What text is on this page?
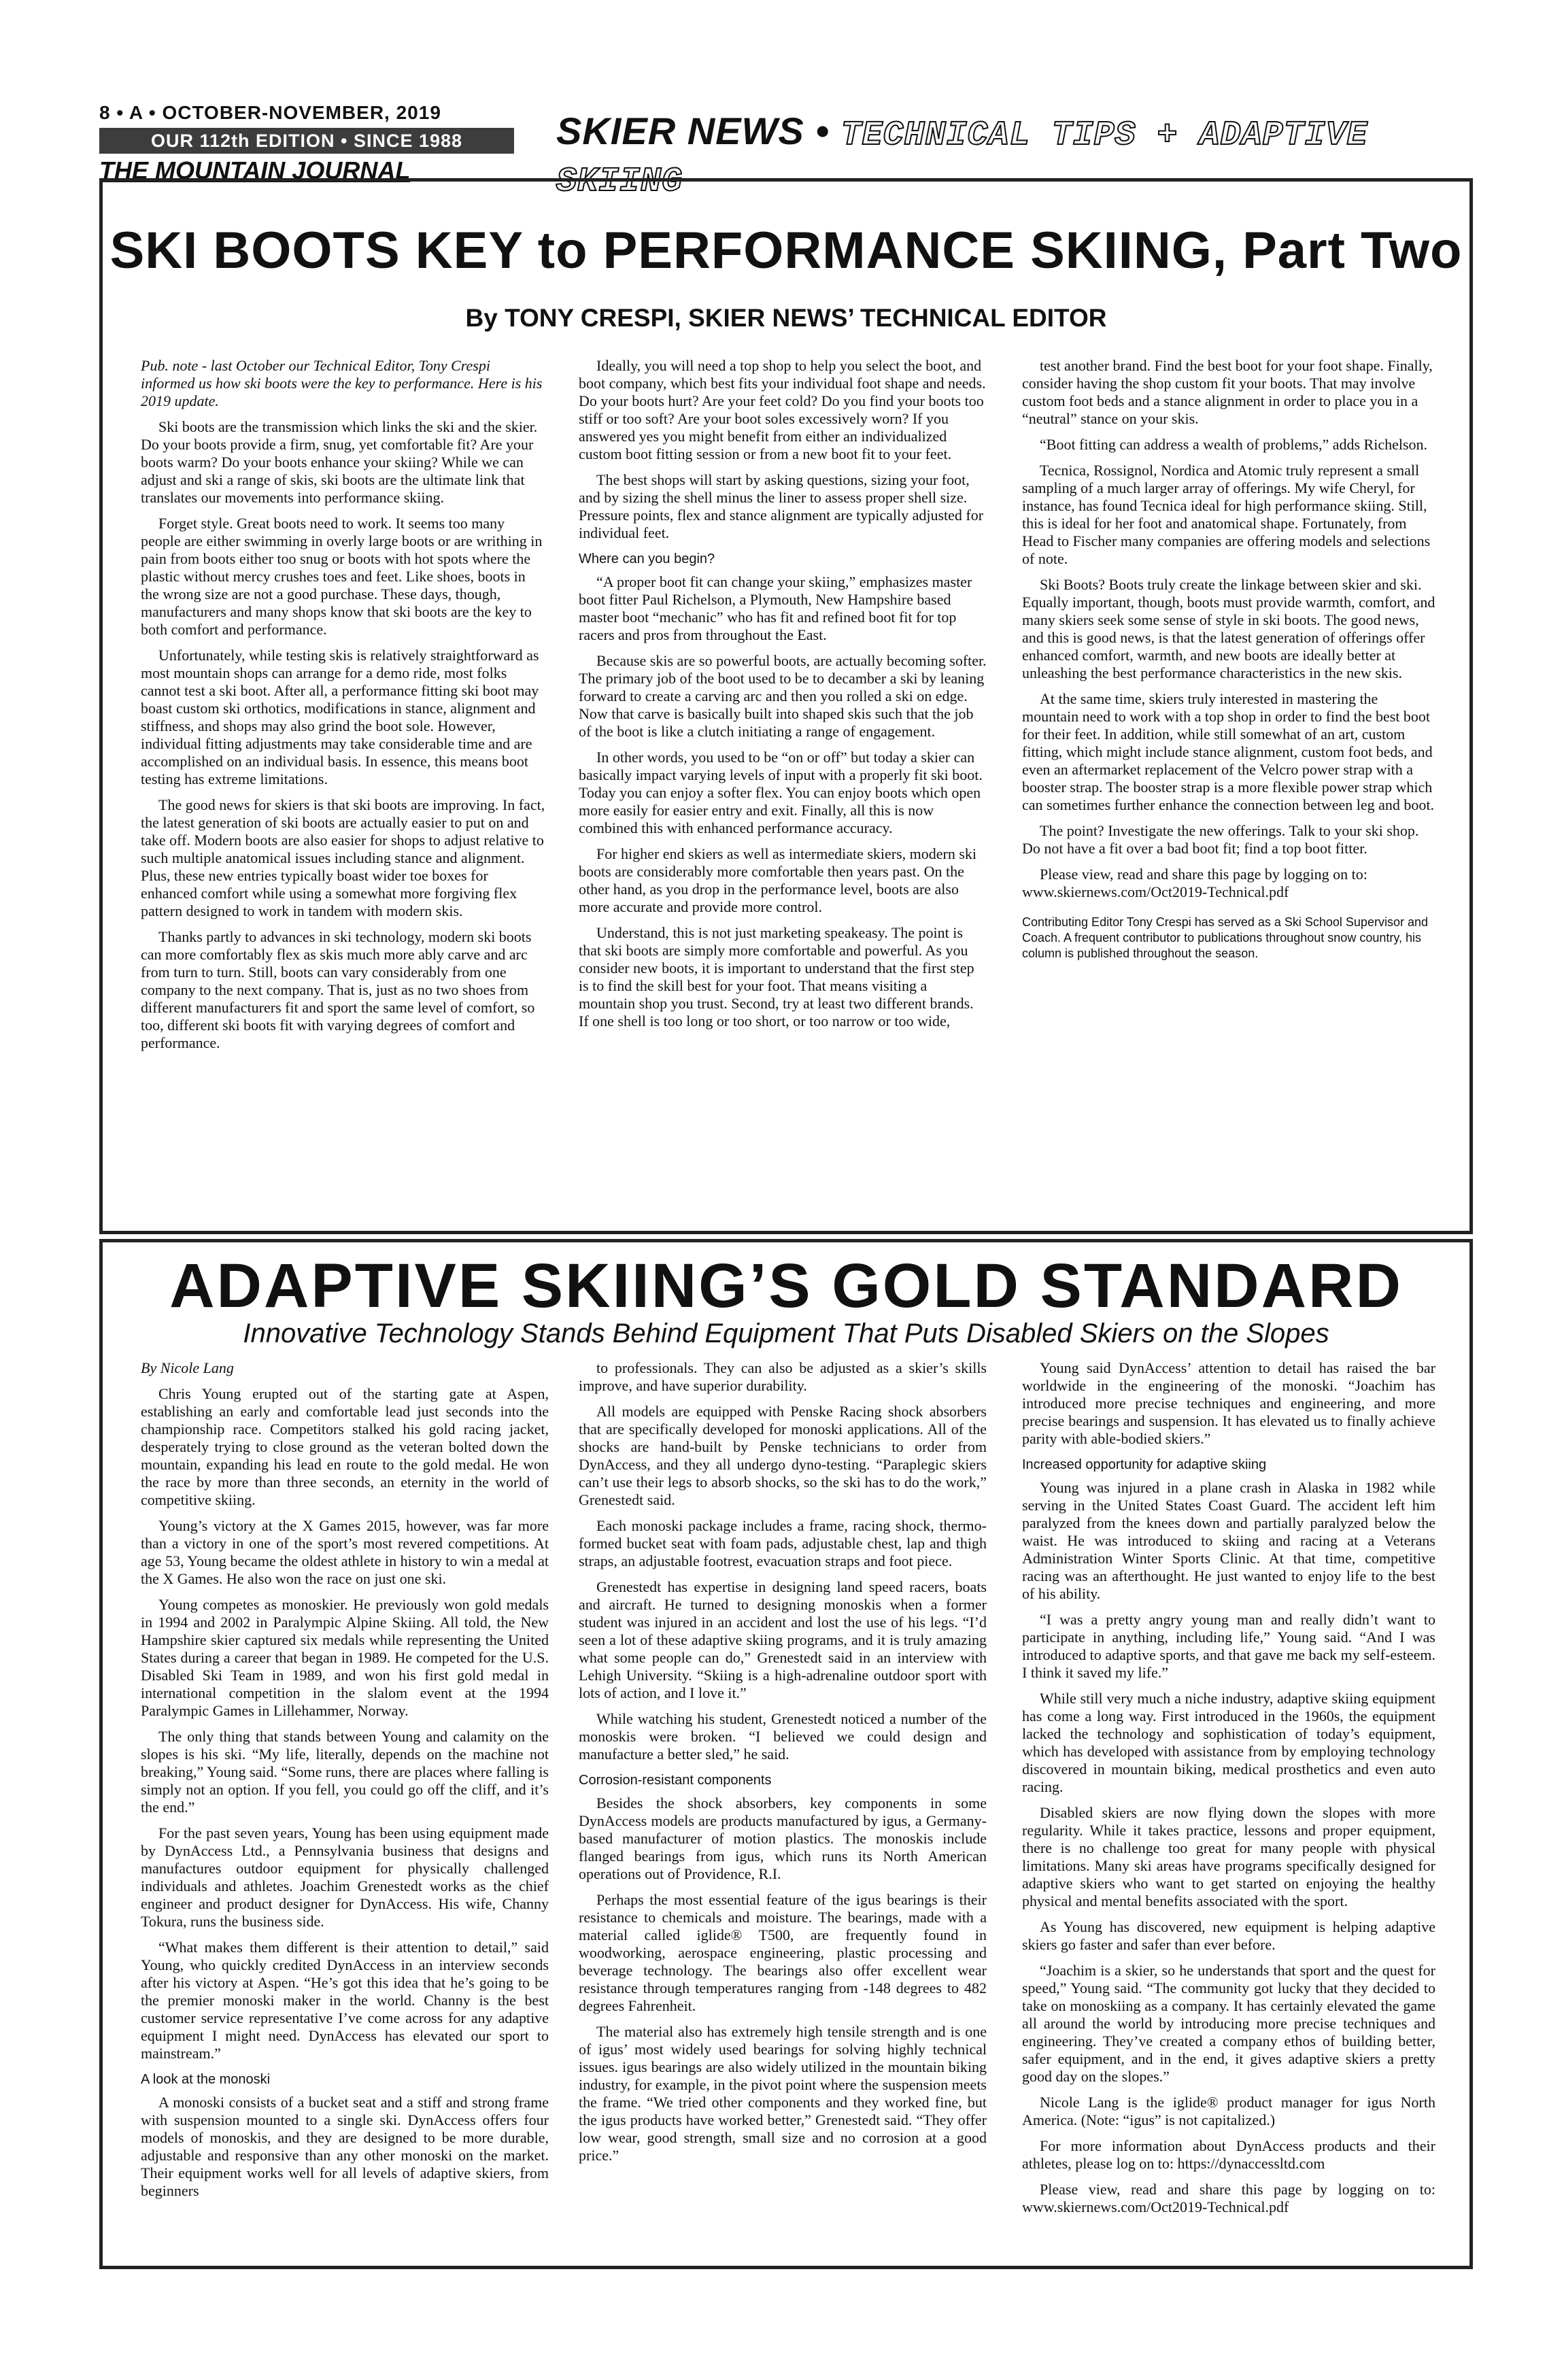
8 • A • OCTOBER-NOVEMBER, 2019
OUR 112th EDITION • SINCE 1988
THE MOUNTAIN JOURNAL
SKIER NEWS • TECHNICAL TIPS + ADAPTIVE SKIING
SKI BOOTS KEY to PERFORMANCE SKIING, Part Two
By TONY CRESPI, SKIER NEWS’ TECHNICAL EDITOR

Pub. note - last October our Technical Editor, Tony Crespi informed us how ski boots were the key to performance. Here is his 2019 update.

Ski boots are the transmission which links the ski and the skier. Do your boots provide a firm, snug, yet comfortable fit? Are your boots warm? Do your boots enhance your skiing? While we can adjust and ski a range of skis, ski boots are the ultimate link that translates our movements into performance skiing.

Forget style. Great boots need to work. It seems too many people are either swimming in overly large boots or are writhing in pain from boots either too snug or boots with hot spots where the plastic without mercy crushes toes and feet. Like shoes, boots in the wrong size are not a good purchase. These days, though, manufacturers and many shops know that ski boots are the key to both comfort and performance.

Unfortunately, while testing skis is relatively straightforward as most mountain shops can arrange for a demo ride, most folks cannot test a ski boot. After all, a performance fitting ski boot may boast custom ski orthotics, modifications in stance, alignment and stiffness, and shops may also grind the boot sole. However, individual fitting adjustments may take considerable time and are accomplished on an individual basis. In essence, this means boot testing has extreme limitations.

The good news for skiers is that ski boots are improving. In fact, the latest generation of ski boots are actually easier to put on and take off. Modern boots are also easier for shops to adjust relative to such multiple anatomical issues including stance and alignment. Plus, these new entries typically boast wider toe boxes for enhanced comfort while using a somewhat more forgiving flex pattern designed to work in tandem with modern skis.

Thanks partly to advances in ski technology, modern ski boots can more comfortably flex as skis much more ably carve and arc from turn to turn. Still, boots can vary considerably from one company to the next company. That is, just as no two shoes from different manufacturers fit and sport the same level of comfort, so too, different ski boots fit with varying degrees of comfort and performance.

Ideally, you will need a top shop to help you select the boot, and boot company, which best fits your individual foot shape and needs. Do your boots hurt? Are your feet cold? Do you find your boots too stiff or too soft? Are your boot soles excessively worn? If you answered yes you might benefit from either an individualized custom boot fitting session or from a new boot fit to your feet.

The best shops will start by asking questions, sizing your foot, and by sizing the shell minus the liner to assess proper shell size. Pressure points, flex and stance alignment are typically adjusted for individual feet.

Where can you begin?

“A proper boot fit can change your skiing,” emphasizes master boot fitter Paul Richelson, a Plymouth, New Hampshire based master boot “mechanic” who has fit and refined boot fit for top racers and pros from throughout the East.

Because skis are so powerful boots, are actually becoming softer. The primary job of the boot used to be to decamber a ski by leaning forward to create a carving arc and then you rolled a ski on edge. Now that carve is basically built into shaped skis such that the job of the boot is like a clutch initiating a range of engagement.

In other words, you used to be “on or off” but today a skier can basically impact varying levels of input with a properly fit ski boot. Today you can enjoy a softer flex. You can enjoy boots which open more easily for easier entry and exit. Finally, all this is now combined this with enhanced performance accuracy.

For higher end skiers as well as intermediate skiers, modern ski boots are considerably more comfortable then years past. On the other hand, as you drop in the performance level, boots are also more accurate and provide more control.

Understand, this is not just marketing speakeasy. The point is that ski boots are simply more comfortable and powerful. As you consider new boots, it is important to understand that the first step is to find the skill best for your foot. That means visiting a mountain shop you trust. Second, try at least two different brands. If one shell is too long or too short, or too narrow or too wide,

test another brand. Find the best boot for your foot shape. Finally, consider having the shop custom fit your boots. That may involve custom foot beds and a stance alignment in order to place you in a “neutral” stance on your skis.

“Boot fitting can address a wealth of problems,” adds Richelson.

Tecnica, Rossignol, Nordica and Atomic truly represent a small sampling of a much larger array of offerings. My wife Cheryl, for instance, has found Tecnica ideal for high performance skiing. Still, this is ideal for her foot and anatomical shape. Fortunately, from Head to Fischer many companies are offering models and selections of note.

Ski Boots? Boots truly create the linkage between skier and ski. Equally important, though, boots must provide warmth, comfort, and many skiers seek some sense of style in ski boots. The good news, and this is good news, is that the latest generation of offerings offer enhanced comfort, warmth, and new boots are ideally better at unleashing the best performance characteristics in the new skis.

At the same time, skiers truly interested in mastering the mountain need to work with a top shop in order to find the best boot for their feet. In addition, while still somewhat of an art, custom fitting, which might include stance alignment, custom foot beds, and even an aftermarket replacement of the Velcro power strap with a booster strap. The booster strap is a more flexible power strap which can sometimes further enhance the connection between leg and boot.

The point? Investigate the new offerings. Talk to your ski shop. Do not have a fit over a bad boot fit; find a top boot fitter.

Please view, read and share this page by logging on to: www.skiernews.com/Oct2019-Technical.pdf

Contributing Editor Tony Crespi has served as a Ski School Supervisor and Coach. A frequent contributor to publications throughout snow country, his column is published throughout the season.

ADAPTIVE SKIING’S GOLD STANDARD
Innovative Technology Stands Behind Equipment That Puts Disabled Skiers on the Slopes

By Nicole Lang

Chris Young erupted out of the starting gate at Aspen, establishing an early and comfortable lead just seconds into the championship race. Competitors stalked his gold racing jacket, desperately trying to close ground as the veteran bolted down the mountain, expanding his lead en route to the gold medal. He won the race by more than three seconds, an eternity in the world of competitive skiing.

Young’s victory at the X Games 2015, however, was far more than a victory in one of the sport’s most revered competitions. At age 53, Young became the oldest athlete in history to win a medal at the X Games. He also won the race on just one ski.

Young competes as monoskier. He previously won gold medals in 1994 and 2002 in Paralympic Alpine Skiing. All told, the New Hampshire skier captured six medals while representing the United States during a career that began in 1989. He competed for the U.S. Disabled Ski Team in 1989, and won his first gold medal in international competition in the slalom event at the 1994 Paralympic Games in Lillehammer, Norway.

The only thing that stands between Young and calamity on the slopes is his ski. “My life, literally, depends on the machine not breaking,” Young said. “Some runs, there are places where falling is simply not an option. If you fell, you could go off the cliff, and it’s the end.”

For the past seven years, Young has been using equipment made by DynAccess Ltd., a Pennsylvania business that designs and manufactures outdoor equipment for physically challenged individuals and athletes. Joachim Grenestedt works as the chief engineer and product designer for DynAccess. His wife, Channy Tokura, runs the business side.

“What makes them different is their attention to detail,” said Young, who quickly credited DynAccess in an interview seconds after his victory at Aspen. “He’s got this idea that he’s going to be the premier monoski maker in the world. Channy is the best customer service representative I’ve come across for any adaptive equipment I might need. DynAccess has elevated our sport to mainstream.”

A look at the monoski

A monoski consists of a bucket seat and a stiff and strong frame with suspension mounted to a single ski. DynAccess offers four models of monoskis, and they are designed to be more durable, adjustable and responsive than any other monoski on the market. Their equipment works well for all levels of adaptive skiers, from beginners

to professionals. They can also be adjusted as a skier’s skills improve, and have superior durability.

All models are equipped with Penske Racing shock absorbers that are specifically developed for monoski applications. All of the shocks are hand-built by Penske technicians to order from DynAccess, and they all undergo dyno-testing. “Paraplegic skiers can’t use their legs to absorb shocks, so the ski has to do the work,” Grenestedt said.

Each monoski package includes a frame, racing shock, thermo-formed bucket seat with foam pads, adjustable chest, lap and thigh straps, an adjustable footrest, evacuation straps and foot piece.

Grenestedt has expertise in designing land speed racers, boats and aircraft. He turned to designing monoskis when a former student was injured in an accident and lost the use of his legs. “I’d seen a lot of these adaptive skiing programs, and it is truly amazing what some people can do,” Grenestedt said in an interview with Lehigh University. “Skiing is a high-adrenaline outdoor sport with lots of action, and I love it.”

While watching his student, Grenestedt noticed a number of the monoskis were broken. “I believed we could design and manufacture a better sled,” he said.

Corrosion-resistant components

Besides the shock absorbers, key components in some DynAccess models are products manufactured by igus, a Germany-based manufacturer of motion plastics. The monoskis include flanged bearings from igus, which runs its North American operations out of Providence, R.I.

Perhaps the most essential feature of the igus bearings is their resistance to chemicals and moisture. The bearings, made with a material called iglide® T500, are frequently found in woodworking, aerospace engineering, plastic processing and beverage technology. The bearings also offer excellent wear resistance through temperatures ranging from -148 degrees to 482 degrees Fahrenheit.

The material also has extremely high tensile strength and is one of igus’ most widely used bearings for solving highly technical issues. igus bearings are also widely utilized in the mountain biking industry, for example, in the pivot point where the suspension meets the frame. “We tried other components and they worked fine, but the igus products have worked better,” Grenestedt said. “They offer low wear, good strength, small size and no corrosion at a good price.”

Young said DynAccess’ attention to detail has raised the bar worldwide in the engineering of the monoski. “Joachim has introduced more precise techniques and engineering, and more precise bearings and suspension. It has elevated us to finally achieve parity with able-bodied skiers.”

Increased opportunity for adaptive skiing

Young was injured in a plane crash in Alaska in 1982 while serving in the United States Coast Guard. The accident left him paralyzed from the knees down and partially paralyzed below the waist. He was introduced to skiing and racing at a Veterans Administration Winter Sports Clinic. At that time, competitive racing was an afterthought. He just wanted to enjoy life to the best of his ability.

“I was a pretty angry young man and really didn’t want to participate in anything, including life,” Young said. “And I was introduced to adaptive sports, and that gave me back my self-esteem. I think it saved my life.”

While still very much a niche industry, adaptive skiing equipment has come a long way. First introduced in the 1960s, the equipment lacked the technology and sophistication of today’s equipment, which has developed with assistance from by employing technology discovered in mountain biking, medical prosthetics and even auto racing.

Disabled skiers are now flying down the slopes with more regularity. While it takes practice, lessons and proper equipment, there is no challenge too great for many people with physical limitations. Many ski areas have programs specifically designed for adaptive skiers who want to get started on enjoying the healthy physical and mental benefits associated with the sport.

As Young has discovered, new equipment is helping adaptive skiers go faster and safer than ever before.

“Joachim is a skier, so he understands that sport and the quest for speed,” Young said. “The community got lucky that they decided to take on monoskiing as a company. It has certainly elevated the game all around the world by introducing more precise techniques and engineering. They’ve created a company ethos of building better, safer equipment, and in the end, it gives adaptive skiers a pretty good day on the slopes.”

Nicole Lang is the iglide® product manager for igus North America. (Note: “igus” is not capitalized.)

For more information about DynAccess products and their athletes, please log on to: https://dynaccessltd.com

Please view, read and share this page by logging on to: www.skiernews.com/Oct2019-Technical.pdf
